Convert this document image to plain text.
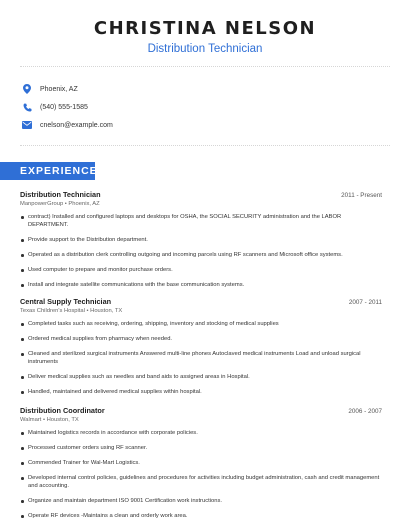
CHRISTINA NELSON
Distribution Technician
Phoenix, AZ
(540) 555-1585
cnelson@example.com
EXPERIENCE
Distribution Technician	2011 - Present
ManpowerGroup • Phoenix, AZ
contract) Installed and configured laptops and desktops for OSHA, the SOCIAL SECURITY administration and the LABOR DEPARTMENT.
Provide support to the Distribution department.
Operated as a distribution clerk controlling outgoing and incoming parcels using RF scanners and Microsoft office systems.
Used computer to prepare and monitor purchase orders.
Install and integrate satellite communications with the base communication systems.
Central Supply Technician	2007 - 2011
Texas Children's Hospital • Houston, TX
Completed tasks such as receiving, ordering, shipping, inventory and stocking of medical supplies
Ordered medical supplies from pharmacy when needed.
Cleaned and sterilized surgical instruments Answered multi-line phones Autoclaved medical instruments Load and unload surgical instruments
Deliver medical supplies such as needles and band aids to assigned areas in Hospital.
Handled, maintained and delivered medical supplies within hospital.
Distribution Coordinator	2006 - 2007
Walmart • Houston, TX
Maintained logistics records in accordance with corporate policies.
Processed customer orders using RF scanner.
Commended Trainer for Wal-Mart Logistics.
Developed internal control policies, guidelines and procedures for activities including budget administration, cash and credit management and accounting.
Organize and maintain department ISO 9001 Certification work instructions.
Operate RF devices -Maintains a clean and orderly work area.
